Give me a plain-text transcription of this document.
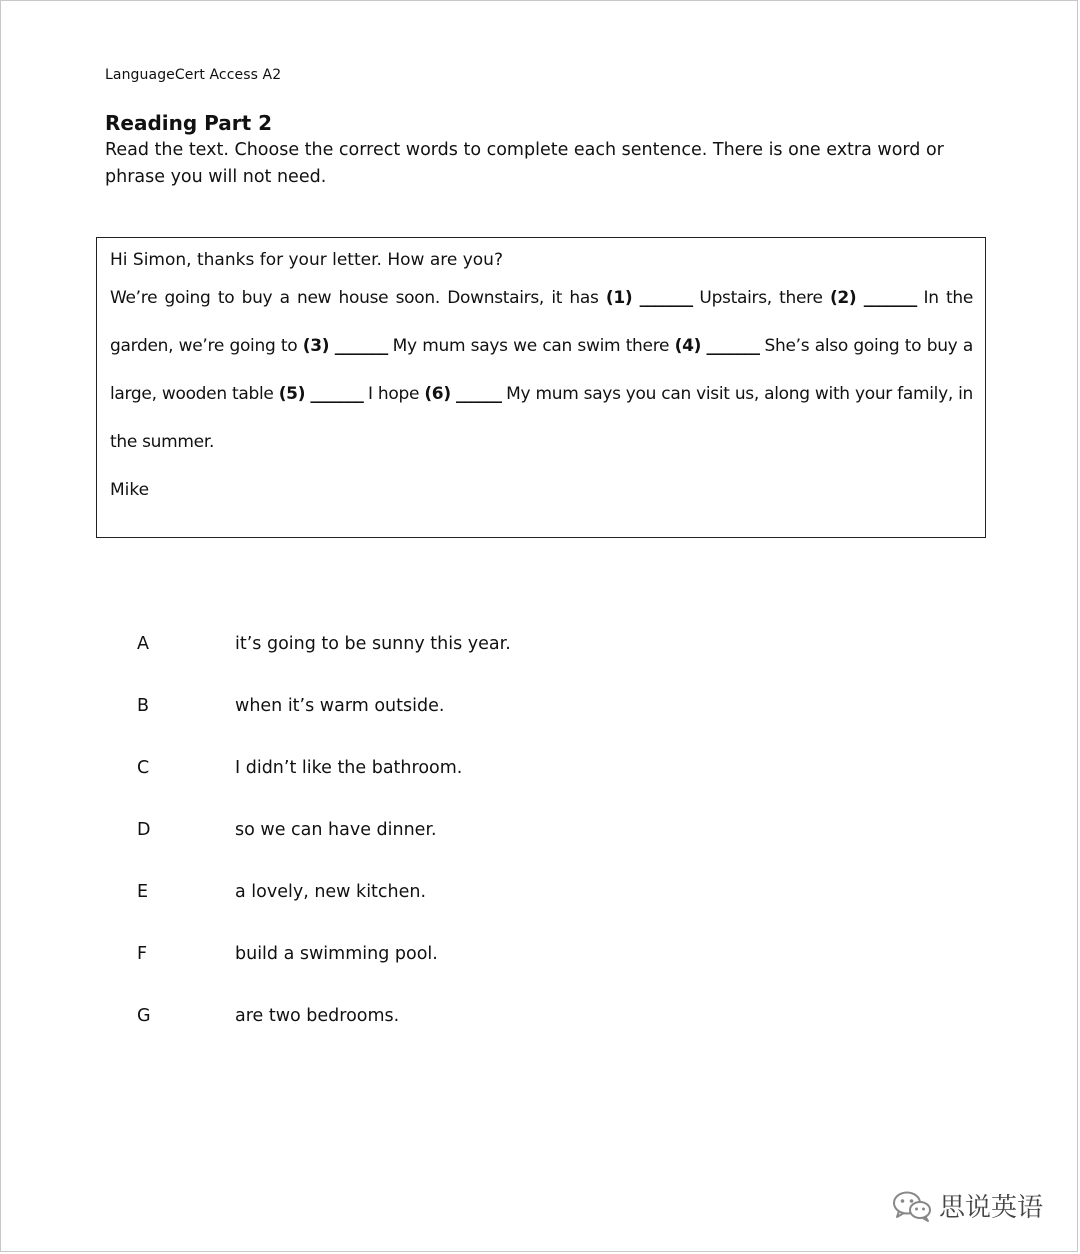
LanguageCert Access A2
Reading Part 2
Read the text. Choose the correct words to complete each sentence. There is one extra word or phrase you will not need.
Hi Simon, thanks for your letter. How are you?
We’re going to buy a new house soon. Downstairs, it has (1) _______ Upstairs, there (2) _______ In the garden, we’re going to (3) _______ My mum says we can swim there (4) _______ She’s also going to buy a large, wooden table (5) _______ I hope (6) ______ My mum says you can visit us, along with your family, in the summer.
Mike
A	it’s going to be sunny this year.
B	when it’s warm outside.
C	I didn’t like the bathroom.
D	so we can have dinner.
E	a lovely, new kitchen.
F	build a swimming pool.
G	are two bedrooms.
思说英语
